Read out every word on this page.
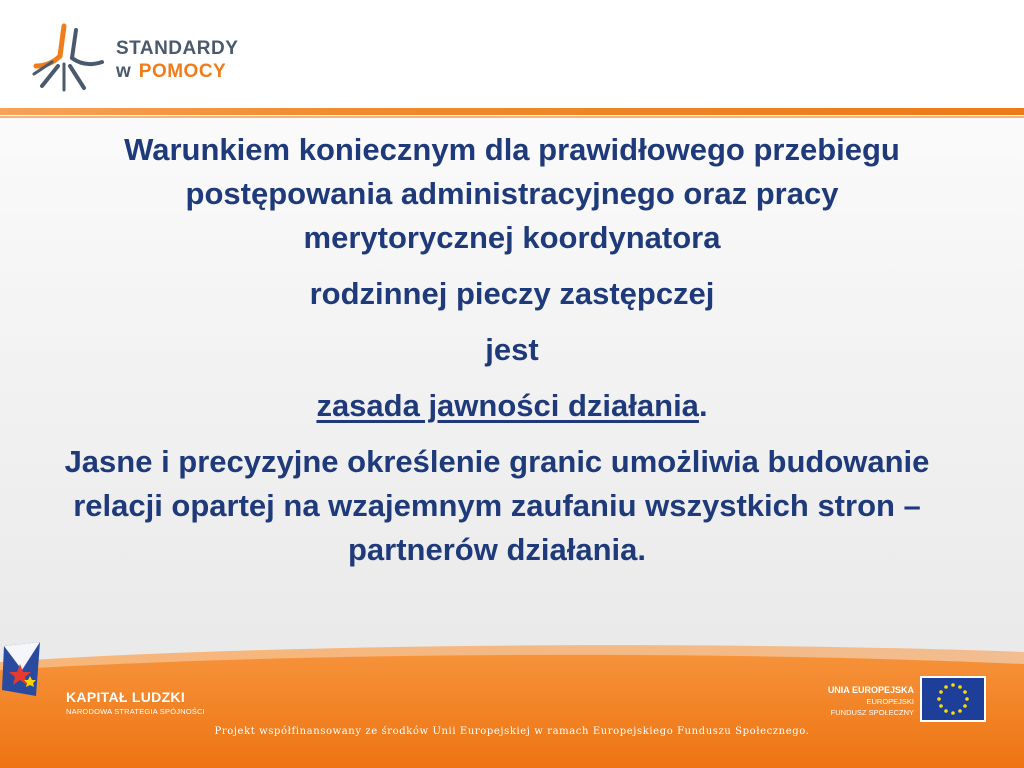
STANDARDY
w POMOCY

Warunkiem koniecznym dla prawidłowego przebiegu postępowania administracyjnego oraz pracy merytorycznej koordynatora

rodzinnej pieczy zastępczej

jest

zasada jawności działania.

Jasne i precyzyjne określenie granic umożliwia budowanie relacji opartej na wzajemnym zaufaniu wszystkich stron – partnerów działania.

KAPITAŁ LUDZKI
NARODOWA STRATEGIA SPÓJNOŚCI
UNIA EUROPEJSKA
EUROPEJSKI
FUNDUSZ SPOŁECZNY
Projekt współfinansowany ze środków Unii Europejskiej w ramach Europejskiego Funduszu Społecznego.
